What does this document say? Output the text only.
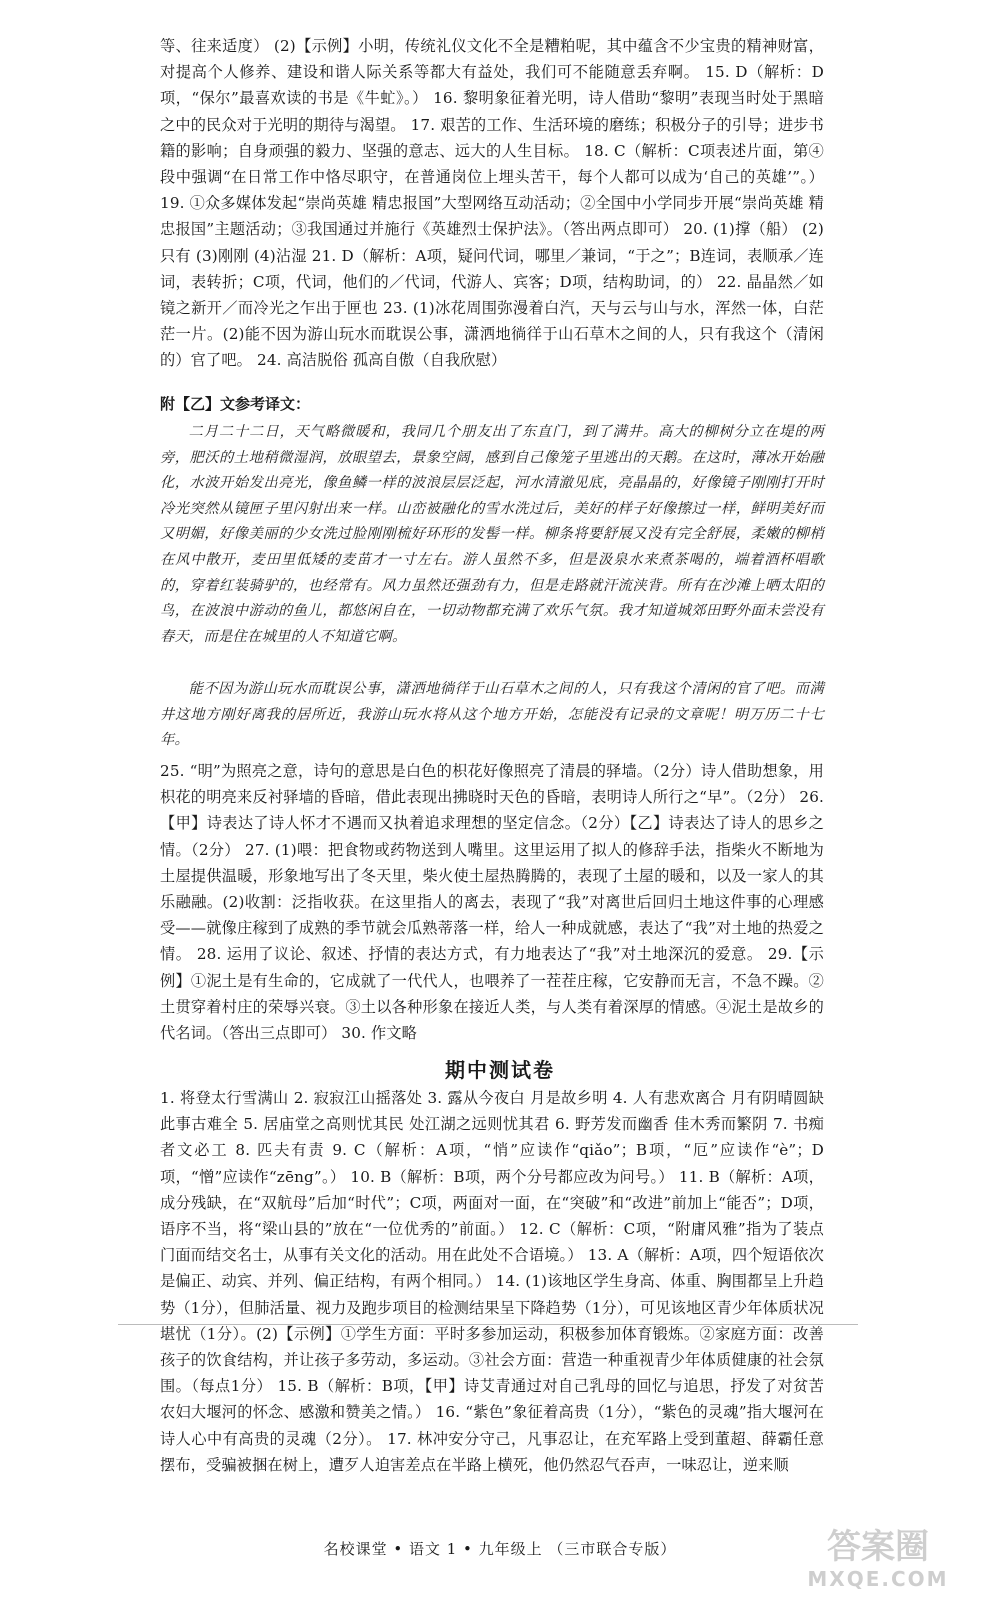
等、往来适度） (2)【示例】小明，传统礼仪文化不全是糟粕呢，其中蕴含不少宝贵的精神财富，对提高个人修养、建设和谐人际关系等都大有益处，我们可不能随意丢弃啊。 15. D（解析：D项，“保尔”最喜欢读的书是《牛虻》。） 16. 黎明象征着光明，诗人借助“黎明”表现当时处于黑暗之中的民众对于光明的期待与渴望。 17. 艰苦的工作、生活环境的磨练；积极分子的引导；进步书籍的影响；自身顽强的毅力、坚强的意志、远大的人生目标。 18. C（解析：C项表述片面，第④段中强调“在日常工作中恪尽职守，在普通岗位上埋头苦干，每个人都可以成为‘自己的英雄’”。） 19. ①众多媒体发起“崇尚英雄 精忠报国”大型网络互动活动；②全国中小学同步开展“崇尚英雄 精忠报国”主题活动；③我国通过并施行《英雄烈士保护法》。（答出两点即可） 20. (1)撑（船） (2)只有 (3)刚刚 (4)沾湿 21. D（解析：A项，疑问代词，哪里／兼词，“于之”；B连词，表顺承／连词，表转折；C项，代词，他们的／代词，代游人、宾客；D项，结构助词，的） 22. 晶晶然／如镜之新开／而冷光之乍出于匣也 23. (1)冰花周围弥漫着白汽，天与云与山与水，浑然一体，白茫茫一片。(2)能不因为游山玩水而耽误公事，潇洒地徜徉于山石草木之间的人，只有我这个（清闲的）官了吧。 24. 高洁脱俗 孤高自傲（自我欣慰）

附【乙】文参考译文：

二月二十二日，天气略微暖和，我同几个朋友出了东直门，到了满井。高大的柳树分立在堤的两旁，肥沃的土地稍微湿润，放眼望去，景象空阔，感到自己像笼子里逃出的天鹅。在这时，薄冰开始融化，水波开始发出亮光，像鱼鳞一样的波浪层层泛起，河水清澈见底，亮晶晶的，好像镜子刚刚打开时冷光突然从镜匣子里闪射出来一样。山峦被融化的雪水洗过后，美好的样子好像擦过一样，鲜明美好而又明媚，好像美丽的少女洗过脸刚刚梳好环形的发髻一样。柳条将要舒展又没有完全舒展，柔嫩的柳梢在风中散开，麦田里低矮的麦苗才一寸左右。游人虽然不多，但是汲泉水来煮茶喝的，端着酒杯唱歌的，穿着红装骑驴的，也经常有。风力虽然还强劲有力，但是走路就汗流浃背。所有在沙滩上晒太阳的鸟，在波浪中游动的鱼儿，都悠闲自在，一切动物都充满了欢乐气氛。我才知道城郊田野外面未尝没有春天，而是住在城里的人不知道它啊。

能不因为游山玩水而耽误公事，潇洒地徜徉于山石草木之间的人，只有我这个清闲的官了吧。而满井这地方刚好离我的居所近，我游山玩水将从这个地方开始，怎能没有记录的文章呢！明万历二十七年。

25. “明”为照亮之意，诗句的意思是白色的枳花好像照亮了清晨的驿墙。（2分）诗人借助想象，用枳花的明亮来反衬驿墙的昏暗，借此表现出拂晓时天色的昏暗，表明诗人所行之“早”。（2分） 26.【甲】诗表达了诗人怀才不遇而又执着追求理想的坚定信念。（2分）【乙】诗表达了诗人的思乡之情。（2分） 27. (1)喂：把食物或药物送到人嘴里。这里运用了拟人的修辞手法，指柴火不断地为土屋提供温暖，形象地写出了冬天里，柴火使土屋热腾腾的，表现了土屋的暖和，以及一家人的其乐融融。(2)收割：泛指收获。在这里指人的离去，表现了“我”对离世后回归土地这件事的心理感受——就像庄稼到了成熟的季节就会瓜熟蒂落一样，给人一种成就感，表达了“我”对土地的热爱之情。 28. 运用了议论、叙述、抒情的表达方式，有力地表达了“我”对土地深沉的爱意。 29.【示例】①泥土是有生命的，它成就了一代代人，也喂养了一茬茬庄稼，它安静而无言，不急不躁。②土贯穿着村庄的荣辱兴衰。③土以各种形象在接近人类，与人类有着深厚的情感。④泥土是故乡的代名词。（答出三点即可） 30. 作文略

期中测试卷

1. 将登太行雪满山 2. 寂寂江山摇落处 3. 露从今夜白 月是故乡明 4. 人有悲欢离合 月有阴晴圆缺 此事古难全 5. 居庙堂之高则忧其民 处江湖之远则忧其君 6. 野芳发而幽香 佳木秀而繁阴 7. 书痴者文必工 8. 匹夫有责 9. C（解析：A项，“悄”应读作“qiǎo”；B项，“厄”应读作“è”；D项，“憎”应读作“zēng”。） 10. B（解析：B项，两个分号都应改为问号。） 11. B（解析：A项，成分残缺，在“双航母”后加“时代”；C项，两面对一面，在“突破”和“改进”前加上“能否”；D项，语序不当，将“梁山县的”放在“一位优秀的”前面。） 12. C（解析：C项，“附庸风雅”指为了装点门面而结交名士，从事有关文化的活动。用在此处不合语境。） 13. A（解析：A项，四个短语依次是偏正、动宾、并列、偏正结构，有两个相同。） 14. (1)该地区学生身高、体重、胸围都呈上升趋势（1分），但肺活量、视力及跑步项目的检测结果呈下降趋势（1分），可见该地区青少年体质状况堪忧（1分）。(2)【示例】①学生方面：平时多参加运动，积极参加体育锻炼。②家庭方面：改善孩子的饮食结构，并让孩子多劳动，多运动。③社会方面：营造一种重视青少年体质健康的社会氛围。（每点1分） 15. B（解析：B项，【甲】诗艾青通过对自己乳母的回忆与追思，抒发了对贫苦农妇大堰河的怀念、感激和赞美之情。） 16. “紫色”象征着高贵（1分），“紫色的灵魂”指大堰河在诗人心中有高贵的灵魂（2分）。 17. 林冲安分守己，凡事忍让，在充军路上受到董超、薛霸任意摆布，受骗被捆在树上，遭歹人迫害差点在半路上横死，他仍然忍气吞声，一味忍让，逆来顺

名校课堂 • 语文 1 • 九年级上 （三市联合专版）	答案圈
MXQE.COM
